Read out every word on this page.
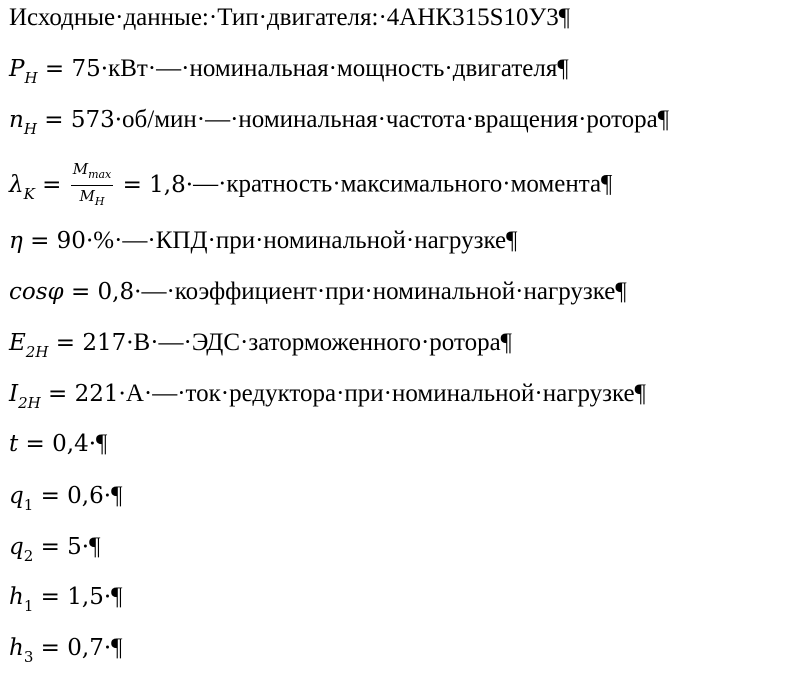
Исходные·данные:·Тип·двигателя:·4АНК315S10У3¶
$P_H$ = 75·кВт·—·номинальная·мощность·двигателя¶
$n_H$ = 573·об/мин·—·номинальная·частота·вращения·ротора¶
$\lambda_K = \frac{M_{max}}{M_H}$ = 1,8·—·кратность·максимального·момента¶
η = 90·%·—·КПД·при·номинальной·нагрузке¶
cosφ = 0,8·—·коэффициент·при·номинальной·нагрузке¶
$E_{2H}$ = 217·В·—·ЭДС·заторможенного·ротора¶
$I_{2H}$ = 221·А·—·ток·редуктора·при·номинальной·нагрузке¶
t = 0,4·¶
$q_1$ = 0,6·¶
$q_2$ = 5·¶
$h_1$ = 1,5·¶
$h_3$ = 0,7·¶
